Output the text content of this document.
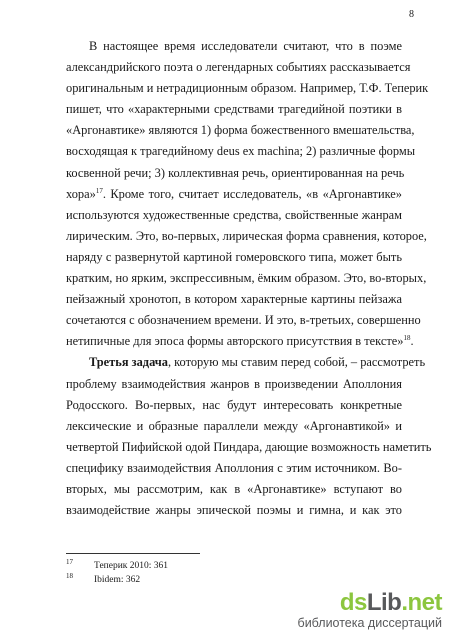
8
В настоящее время исследователи считают, что в поэме
александрийского поэта о легендарных событиях рассказывается
оригинальным и нетрадиционным образом. Например, Т.Ф. Теперик
пишет, что «характерными средствами трагедийной поэтики в
«Аргонавтике» являются 1) форма божественного вмешательства,
восходящая к трагедийному deus ex machina; 2) различные формы
косвенной речи; 3) коллективная речь, ориентированная на речь
хора»$^{17}$. Кроме того, считает исследователь, «в «Аргонавтике»
используются художественные средства, свойственные жанрам
лирическим. Это, во-первых, лирическая форма сравнения, которое,
наряду с развернутой картиной гомеровского типа, может быть
кратким, но ярким, экспрессивным, ёмким образом. Это, во-вторых,
пейзажный хронотоп, в котором характерные картины пейзажа
сочетаются с обозначением времени. И это, в-третьих, совершенно
нетипичные для эпоса формы авторского присутствия в тексте»$^{18}$.
Третья задача, которую мы ставим перед собой, – рассмотреть
проблему взаимодействия жанров в произведении Аполлония
Родосского. Во-первых, нас будут интересовать конкретные
лексические и образные параллели между «Аргонавтикой» и
четвертой Пифийской одой Пиндара, дающие возможность наметить
специфику взаимодействия Аполлония с этим источником. Во-
вторых, мы рассмотрим, как в «Аргонавтике» вступают во
взаимодействие жанры эпической поэмы и гимна, и как это
17 Теперик 2010: 361
18 Ibidem: 362
dsLib.net
библиотека диссертаций
